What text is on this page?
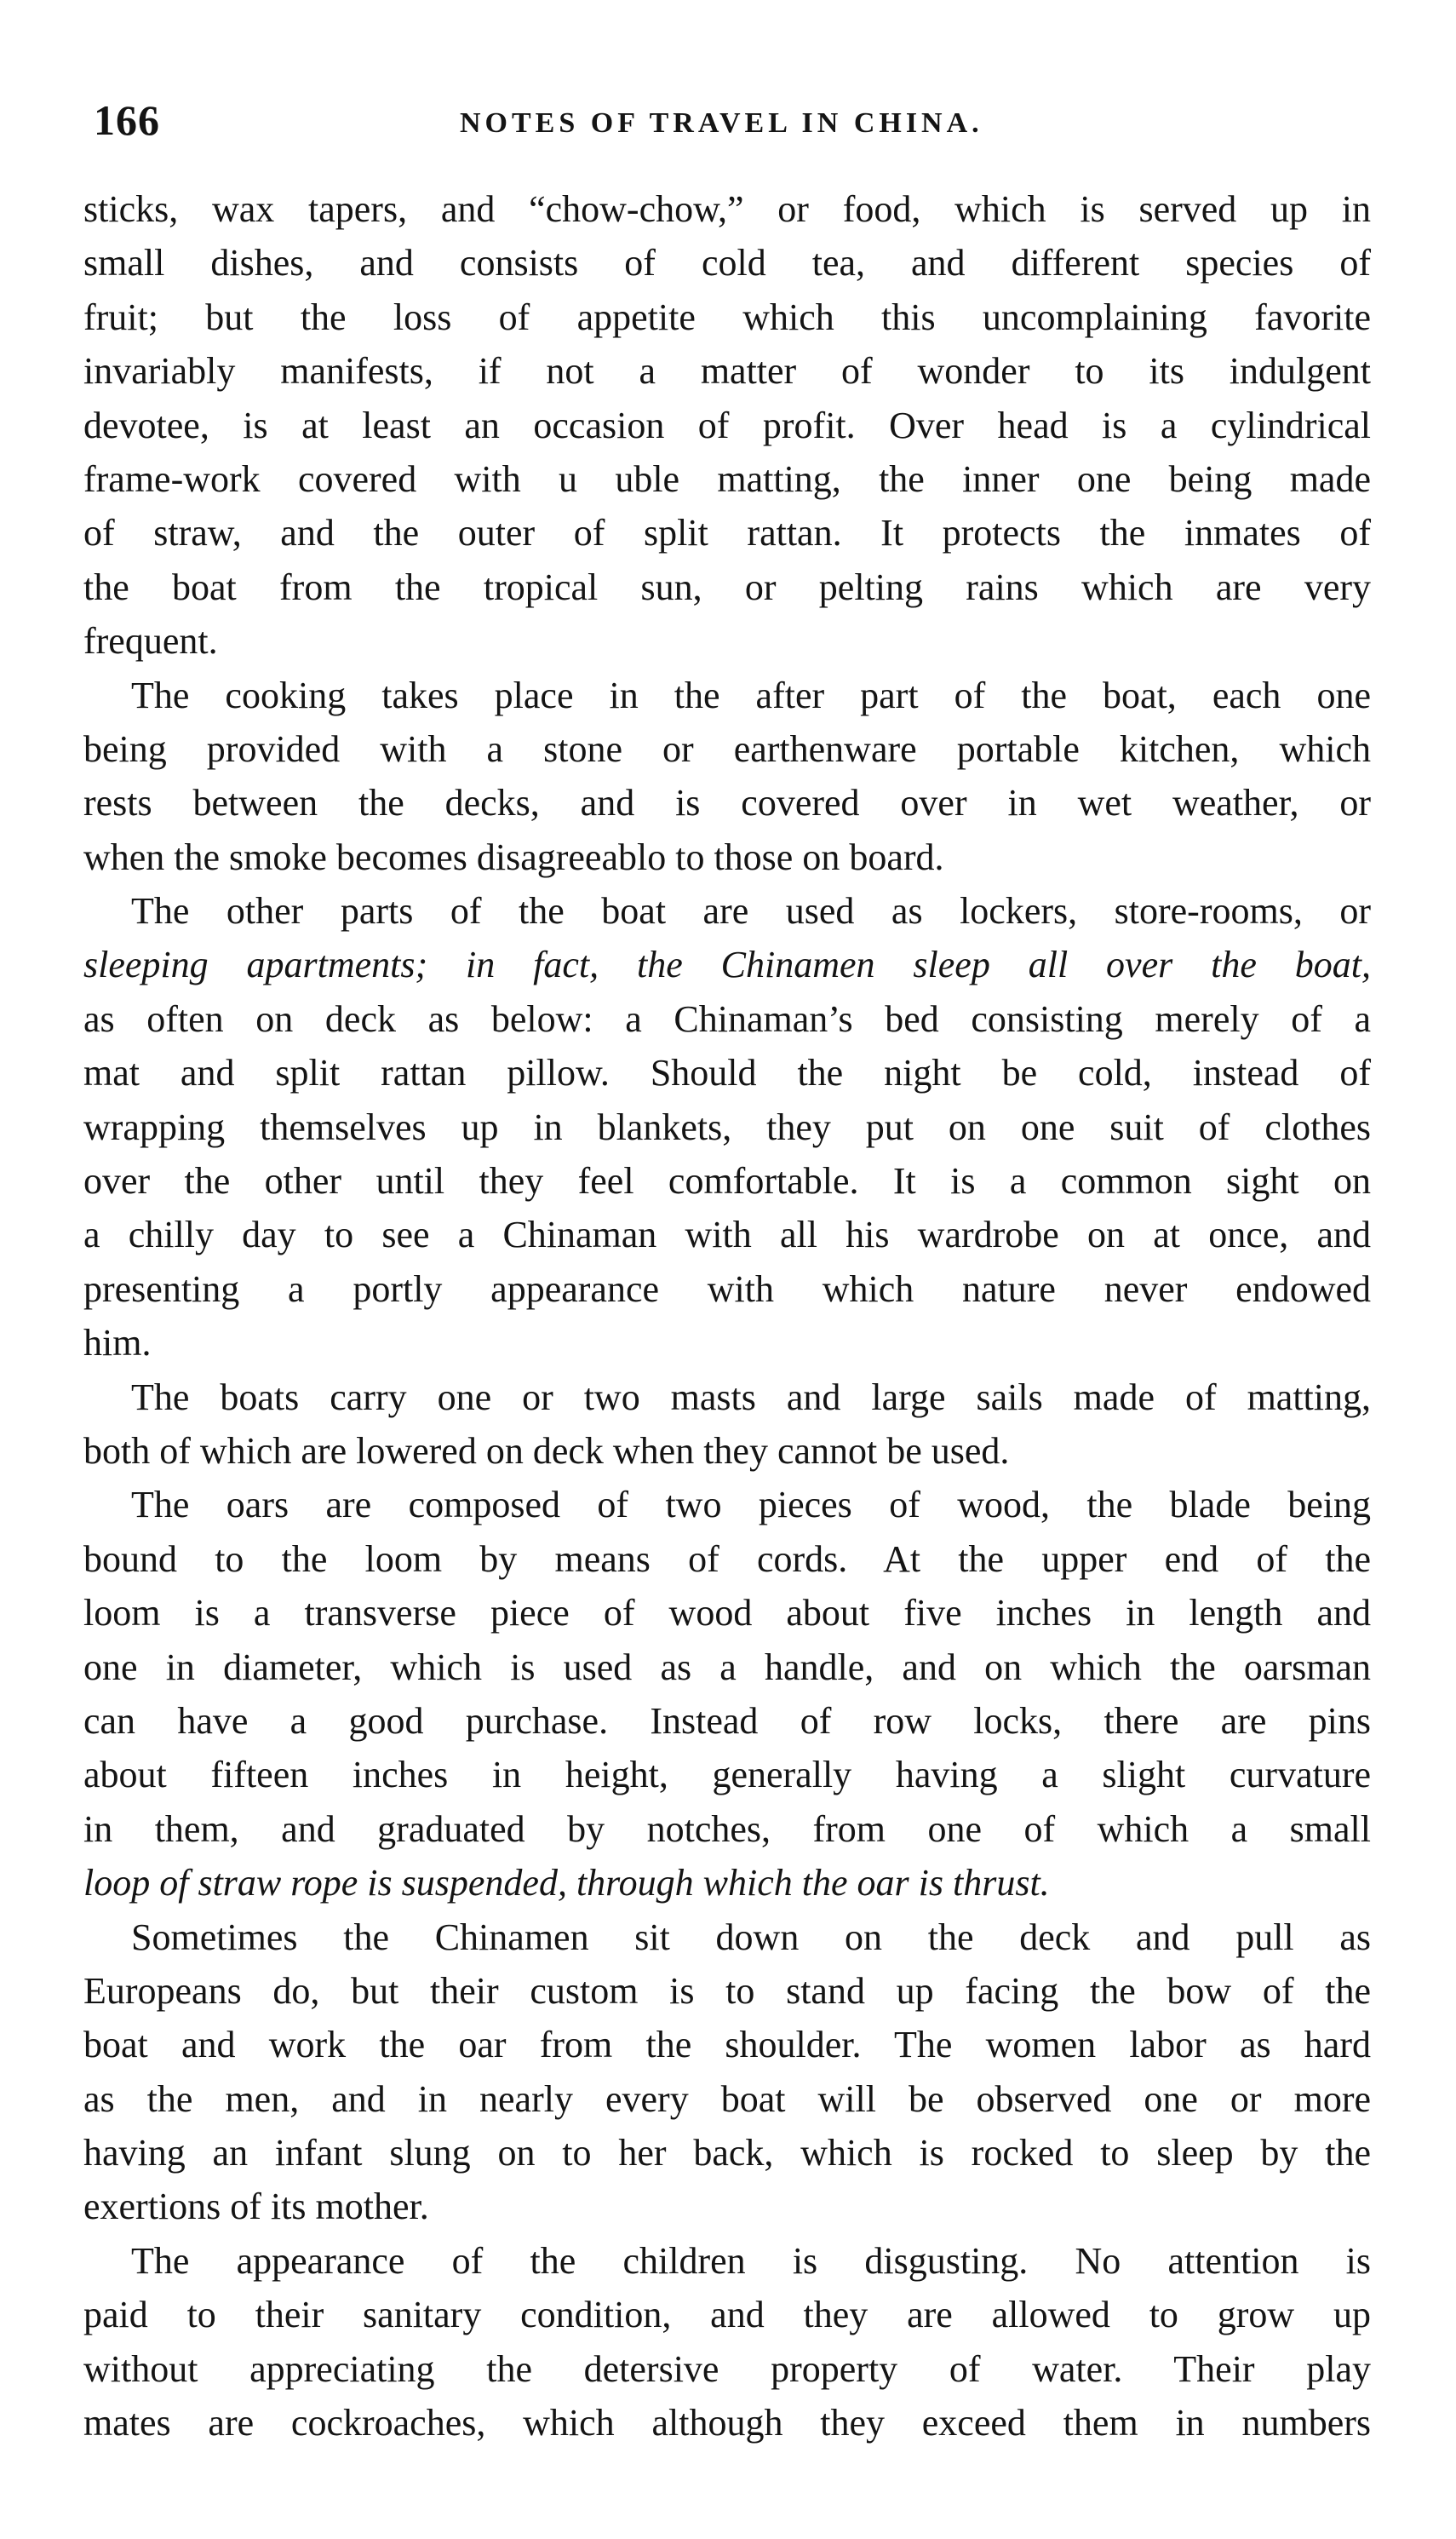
166	NOTES OF TRAVEL IN CHINA.
sticks, wax tapers, and “chow-chow,” or food, which is served up in
small dishes, and consists of cold tea, and different species of
fruit; but the loss of appetite which this uncomplaining favorite
invariably manifests, if not a matter of wonder to its indulgent
devotee, is at least an occasion of profit. Over head is a cylindrical
frame-work covered with u uble matting, the inner one being made
of straw, and the outer of split rattan. It protects the inmates of
the boat from the tropical sun, or pelting rains which are very
frequent.
The cooking takes place in the after part of the boat, each one
being provided with a stone or earthenware portable kitchen, which
rests between the decks, and is covered over in wet weather, or
when the smoke becomes disagreeablo to those on board.
The other parts of the boat are used as lockers, store-rooms, or
sleeping apartments; in fact, the Chinamen sleep all over the boat,
as often on deck as below: a Chinaman’s bed consisting merely of a
mat and split rattan pillow. Should the night be cold, instead of
wrapping themselves up in blankets, they put on one suit of clothes
over the other until they feel comfortable. It is a common sight on
a chilly day to see a Chinaman with all his wardrobe on at once, and
presenting a portly appearance with which nature never endowed
him.
The boats carry one or two masts and large sails made of matting,
both of which are lowered on deck when they cannot be used.
The oars are composed of two pieces of wood, the blade being
bound to the loom by means of cords. At the upper end of the
loom is a transverse piece of wood about five inches in length and
one in diameter, which is used as a handle, and on which the oarsman
can have a good purchase. Instead of row locks, there are pins
about fifteen inches in height, generally having a slight curvature
in them, and graduated by notches, from one of which a small
loop of straw rope is suspended, through which the oar is thrust.
Sometimes the Chinamen sit down on the deck and pull as
Europeans do, but their custom is to stand up facing the bow of the
boat and work the oar from the shoulder. The women labor as hard
as the men, and in nearly every boat will be observed one or more
having an infant slung on to her back, which is rocked to sleep by the
exertions of its mother.
The appearance of the children is disgusting. No attention is
paid to their sanitary condition, and they are allowed to grow up
without appreciating the detersive property of water. Their play
mates are cockroaches, which although they exceed them in numbers
